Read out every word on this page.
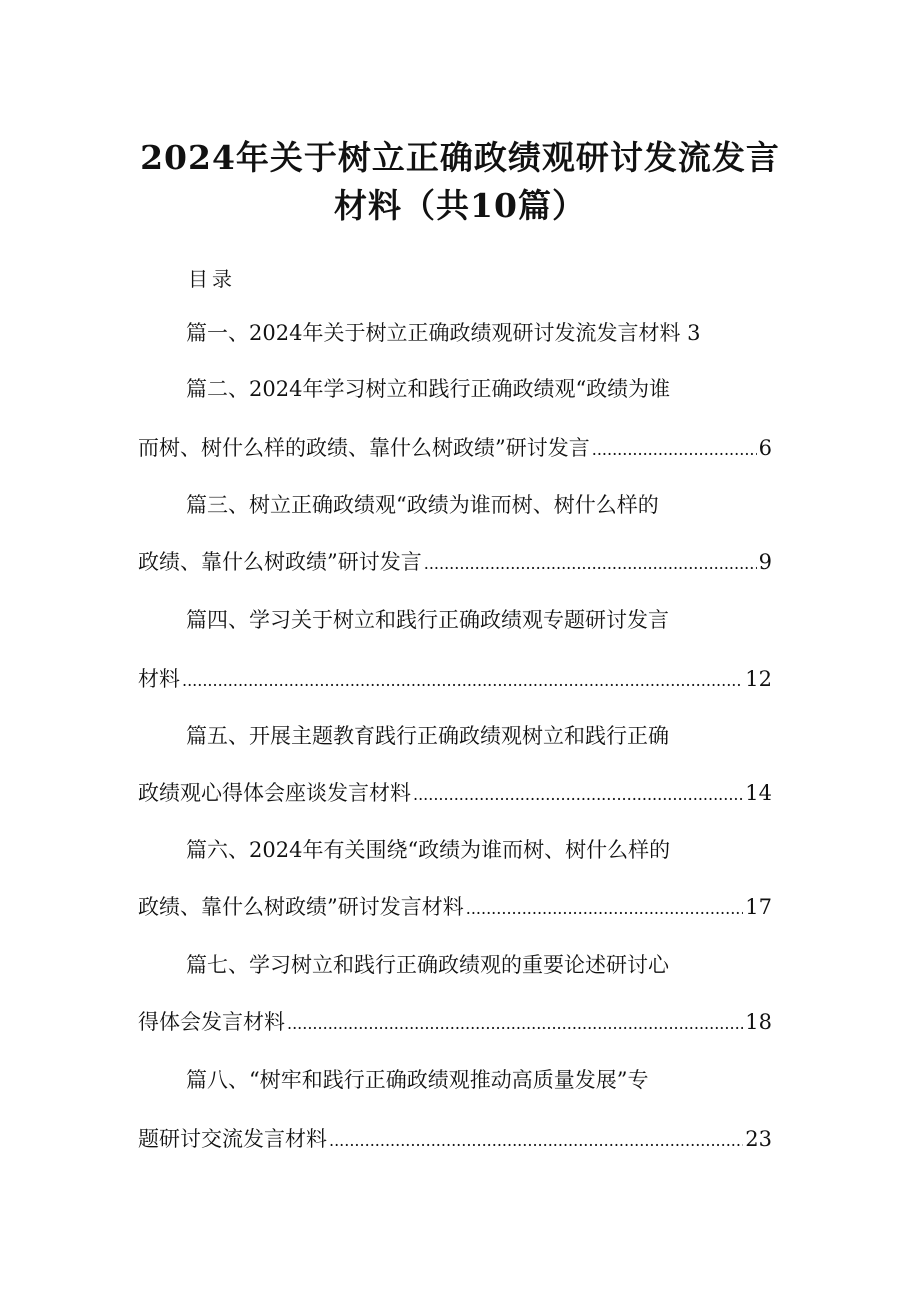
2024年关于树立正确政绩观研讨发流发言
材料（共10篇）
目录
篇一、2024年关于树立正确政绩观研讨发流发言材料 3
篇二、2024年学习树立和践行正确政绩观“政绩为谁
而树、树什么样的政绩、靠什么树政绩”研讨发言 .....	6
篇三、树立正确政绩观“政绩为谁而树、树什么样的
政绩、靠什么树政绩”研讨发言 .....	9
篇四、学习关于树立和践行正确政绩观专题研讨发言
材料 .....	12
篇五、开展主题教育践行正确政绩观树立和践行正确
政绩观心得体会座谈发言材料 .....	14
篇六、2024年有关围绕“政绩为谁而树、树什么样的
政绩、靠什么树政绩”研讨发言材料 .....	17
篇七、学习树立和践行正确政绩观的重要论述研讨心
得体会发言材料 .....	18
篇八、“树牢和践行正确政绩观推动高质量发展”专
题研讨交流发言材料 .....	23
